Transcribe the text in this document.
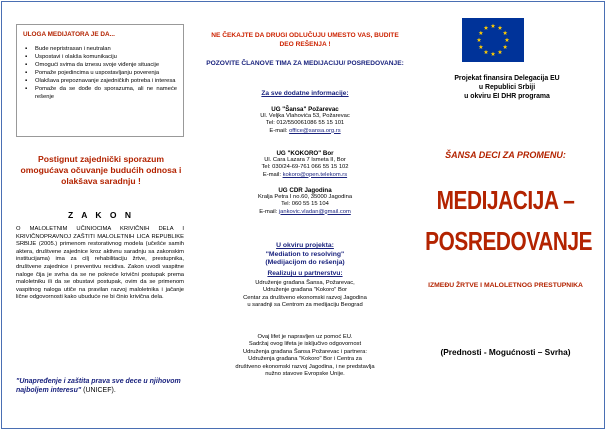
ULOGA MEDIJATORA JE DA...
▪ Bude nepristrasan i neutralan
▪ Uspostavi i olakša komunikaciju
▪ Omogući svima da iznesu svoje viđenje situacije
▪ Pomaže pojedincima u uspostavljanju poverenja
▪ Olakšava prepoznavanje zajedničkih potreba i interesa
▪ Pomaže da se dođe do sporazuma, ali ne nameće rešenje
Postignut zajednički sporazum omogućava očuvanje budućih odnosa i olakšava saradnju !
Z A K O N
O MALOLETNIM UČINIOCIMA KRIVIČNIH DELA I KRIVIČNOPRAVNOJ ZAŠTITI MALOLETNIH LICA REPUBLIKE SRBIJE (2005.) primenom restorativnog modela (učešće samih aktera, društvene zajednice kroz aktivnu saradnju sa zakonskim institucijama) ima za cilj rehabilitaciju žrtve, prestupnika, društvene zajednice i preventivu recidiva. Zakon uvodi vaspitne naloge čija je svrha da se ne pokreće krivični postupak prema maloletniku ili da se obustavi postupak, ovim da se primenom vaspitnog naloga utiče na pravilan razvoj maloletnika i jačanje lične odgovornosti kako ubuduće ne bi činio krivična dela.
"Unapređenje i zaštita prava sve dece u njihovom najboljem interesu" (UNICEF).
NE ČEKAJTE DA DRUGI ODLUČUJU UMESTO VAS, BUDITE DEO REŠENJA !
POZOVITE ČLANOVE TIMA ZA MEDIJACIJU/ POSREDOVANJE:
Za sve dodatne informacije:
UG "Šansa" Požarevac
Ul. Veljka Vlahovića 53, Požarevac
Tel: 012/550061086 55 15 101
E-mail: office@sansa.org.rs
UG "KOKORO" Bor
Ul. Cara Lazara 7 Ismeta II, Bor
Tel: 030/24-69-761 066 55 15 102
E-mail: kokoro@open.telekom.rs
UG CDR Jagodina
Kralja Petra I no.60, 35000 Jagodina
Tel: 060 55 15 104
E-mail: jankovic.vladan@gmail.com
U okviru projekta:
"Mediation to resolving"
(Medijacijom do rešenja)
Realizuju u partnerstvu:
Udruženje građana Šansa, Požarevac,
Udruženje građana "Kokoro" Bor
Centar za društveno ekonomski razvoj Jagodina
u saradnji sa Centrom za medijaciju Beograd
Ovaj lifet je napravljen uz pomoć EU.
Sadržaj ovog lifeta je isključivo odgovornost
Udruženja građana Šansa Požarevac i partnera:
Udruženja građana "Kokoro" Bor i Centra za
društveno ekonomski razvoj Jagodina, i ne predstavlja
nužno stavove Evropske Unije.
Projekat finansira Delegacija EU
u Republici Srbiji
u okviru EI DHR programa
ŠANSA DECI ZA PROMENU:
MEDIJACIJA –
POSREDOVANJE
IZMEĐU ŽRTVE I MALOLETNOG PRESTUPNIKA
(Prednosti - Mogućnosti – Svrha)
